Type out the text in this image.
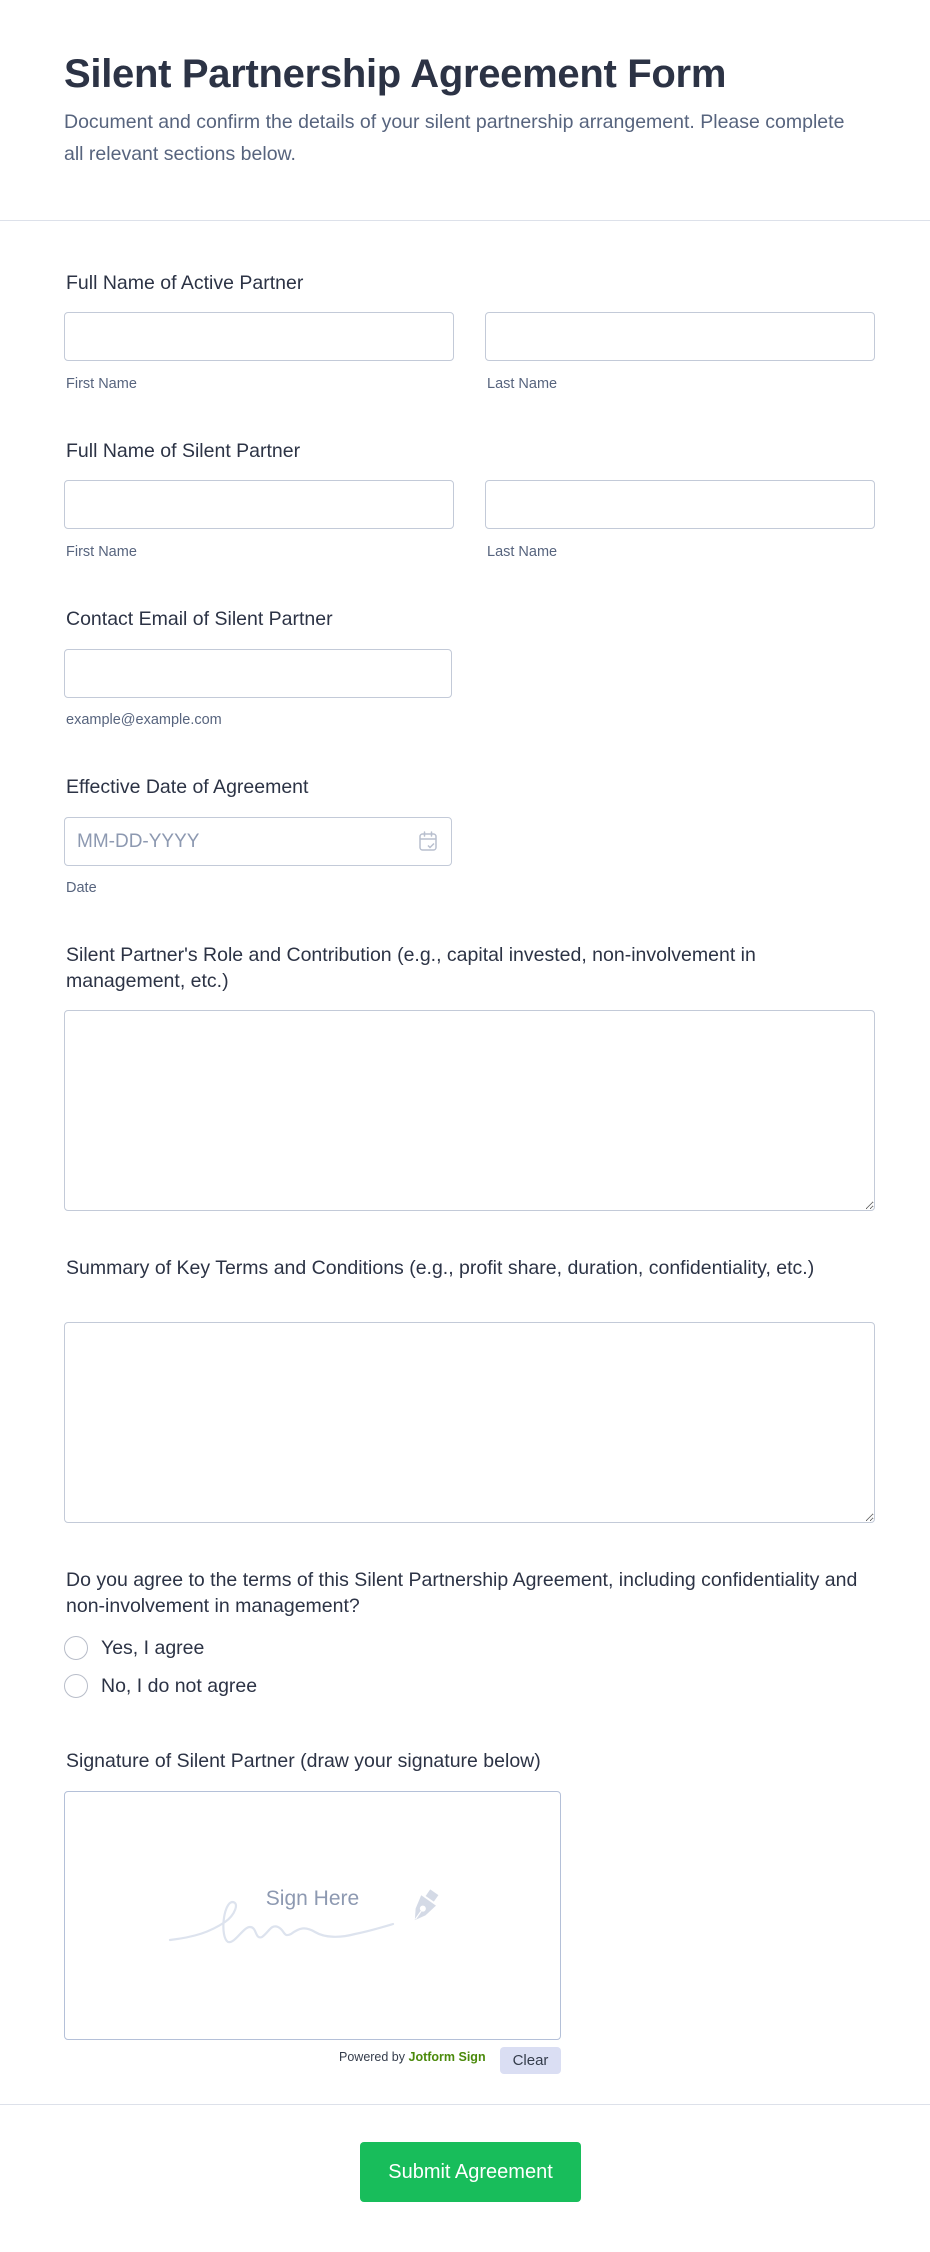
Silent Partnership Agreement Form

Document and confirm the details of your silent partnership arrangement. Please complete all relevant sections below.

Full Name of Active Partner
First Name	Last Name
Full Name of Silent Partner
First Name	Last Name
Contact Email of Silent Partner
example@example.com
Effective Date of Agreement
MM-DD-YYYY
Date
Silent Partner's Role and Contribution (e.g., capital invested, non-involvement in management, etc.)
Summary of Key Terms and Conditions (e.g., profit share, duration, confidentiality, etc.)
Do you agree to the terms of this Silent Partnership Agreement, including confidentiality and non-involvement in management?
Yes, I agree
No, I do not agree
Signature of Silent Partner (draw your signature below)
Sign Here
Powered by Jotform Sign	Clear
Submit Agreement
